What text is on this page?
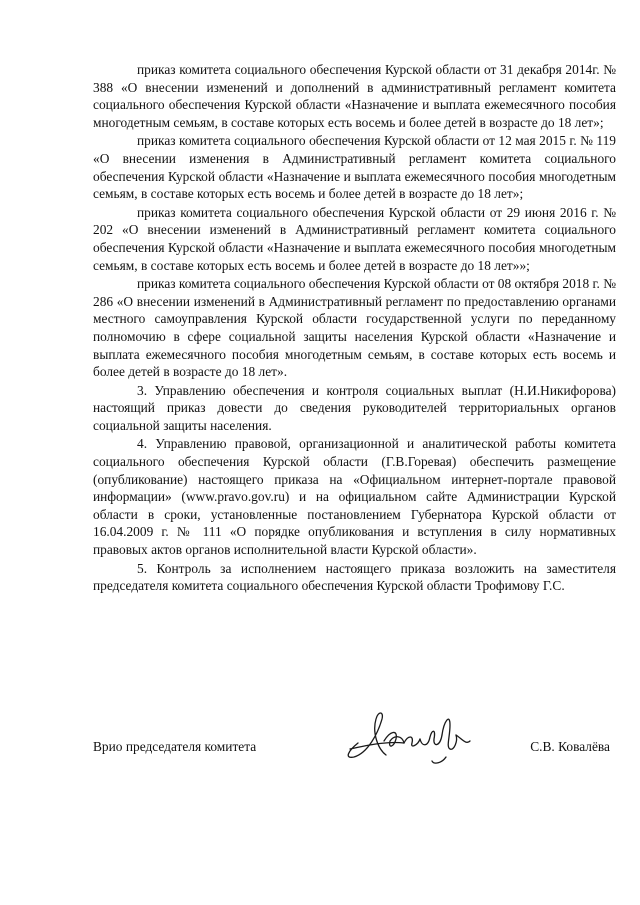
приказ комитета социального обеспечения Курской области от 31 декабря 2014г. № 388 «О внесении изменений и дополнений в административный регламент комитета социального обеспечения Курской области «Назначение и выплата ежемесячного пособия многодетным семьям, в составе которых есть восемь и более детей в возрасте до 18 лет»;

приказ комитета социального обеспечения Курской области от 12 мая 2015 г. № 119 «О внесении изменения в Административный регламент комитета социального обеспечения Курской области «Назначение и выплата ежемесячного пособия многодетным семьям, в составе которых есть восемь и более детей в возрасте до 18 лет»;

приказ комитета социального обеспечения Курской области от 29 июня 2016 г. № 202 «О внесении изменений в Административный регламент комитета социального обеспечения Курской области «Назначение и выплата ежемесячного пособия многодетным семьям, в составе которых есть восемь и более детей в возрасте до 18 лет»»;

приказ комитета социального обеспечения Курской области от 08 октября 2018 г. № 286 «О внесении изменений в Административный регламент по предоставлению органами местного самоуправления Курской области государственной услуги по переданному полномочию в сфере социальной защиты населения Курской области «Назначение и выплата ежемесячного пособия многодетным семьям, в составе которых есть восемь и более детей в возрасте до 18 лет».

3. Управлению обеспечения и контроля социальных выплат (Н.И.Никифорова) настоящий приказ довести до сведения руководителей территориальных органов социальной защиты населения.

4. Управлению правовой, организационной и аналитической работы комитета социального обеспечения Курской области (Г.В.Горевая) обеспечить размещение (опубликование) настоящего приказа на «Официальном интернет-портале правовой информации» (www.pravo.gov.ru) и на официальном сайте Администрации Курской области в сроки, установленные постановлением Губернатора Курской области от 16.04.2009 г. № 111 «О порядке опубликования и вступления в силу нормативных правовых актов органов исполнительной власти Курской области».

5. Контроль за исполнением настоящего приказа возложить на заместителя председателя комитета социального обеспечения Курской области Трофимову Г.С.

Врио председателя комитета	С.В. Ковалёва
